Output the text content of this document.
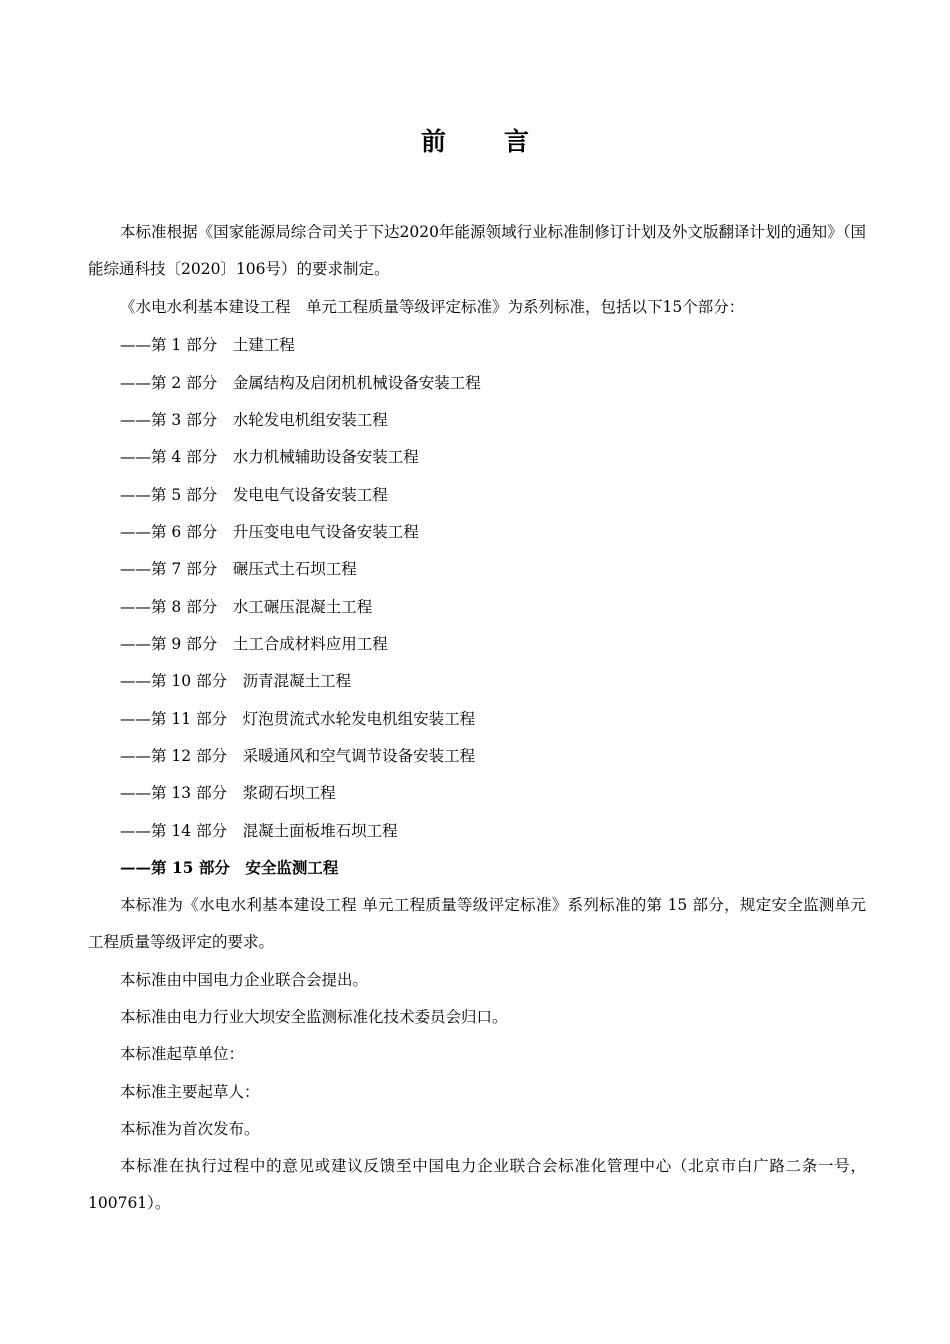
前言
本标准根据《国家能源局综合司关于下达2020年能源领域行业标准制修订计划及外文版翻译计划的通知》（国能综通科技〔2020〕106号）的要求制定。
《水电水利基本建设工程　单元工程质量等级评定标准》为系列标准，包括以下15个部分：
——第 1 部分　土建工程
——第 2 部分　金属结构及启闭机机械设备安装工程
——第 3 部分　水轮发电机组安装工程
——第 4 部分　水力机械辅助设备安装工程
——第 5 部分　发电电气设备安装工程
——第 6 部分　升压变电电气设备安装工程
——第 7 部分　碾压式土石坝工程
——第 8 部分　水工碾压混凝土工程
——第 9 部分　土工合成材料应用工程
——第 10 部分　沥青混凝土工程
——第 11 部分　灯泡贯流式水轮发电机组安装工程
——第 12 部分　采暖通风和空气调节设备安装工程
——第 13 部分　浆砌石坝工程
——第 14 部分　混凝土面板堆石坝工程
——第 15 部分　安全监测工程
本标准为《水电水利基本建设工程 单元工程质量等级评定标准》系列标准的第 15 部分，规定安全监测单元工程质量等级评定的要求。
本标准由中国电力企业联合会提出。
本标准由电力行业大坝安全监测标准化技术委员会归口。
本标准起草单位：
本标准主要起草人：
本标准为首次发布。
本标准在执行过程中的意见或建议反馈至中国电力企业联合会标准化管理中心（北京市白广路二条一号，100761）。
